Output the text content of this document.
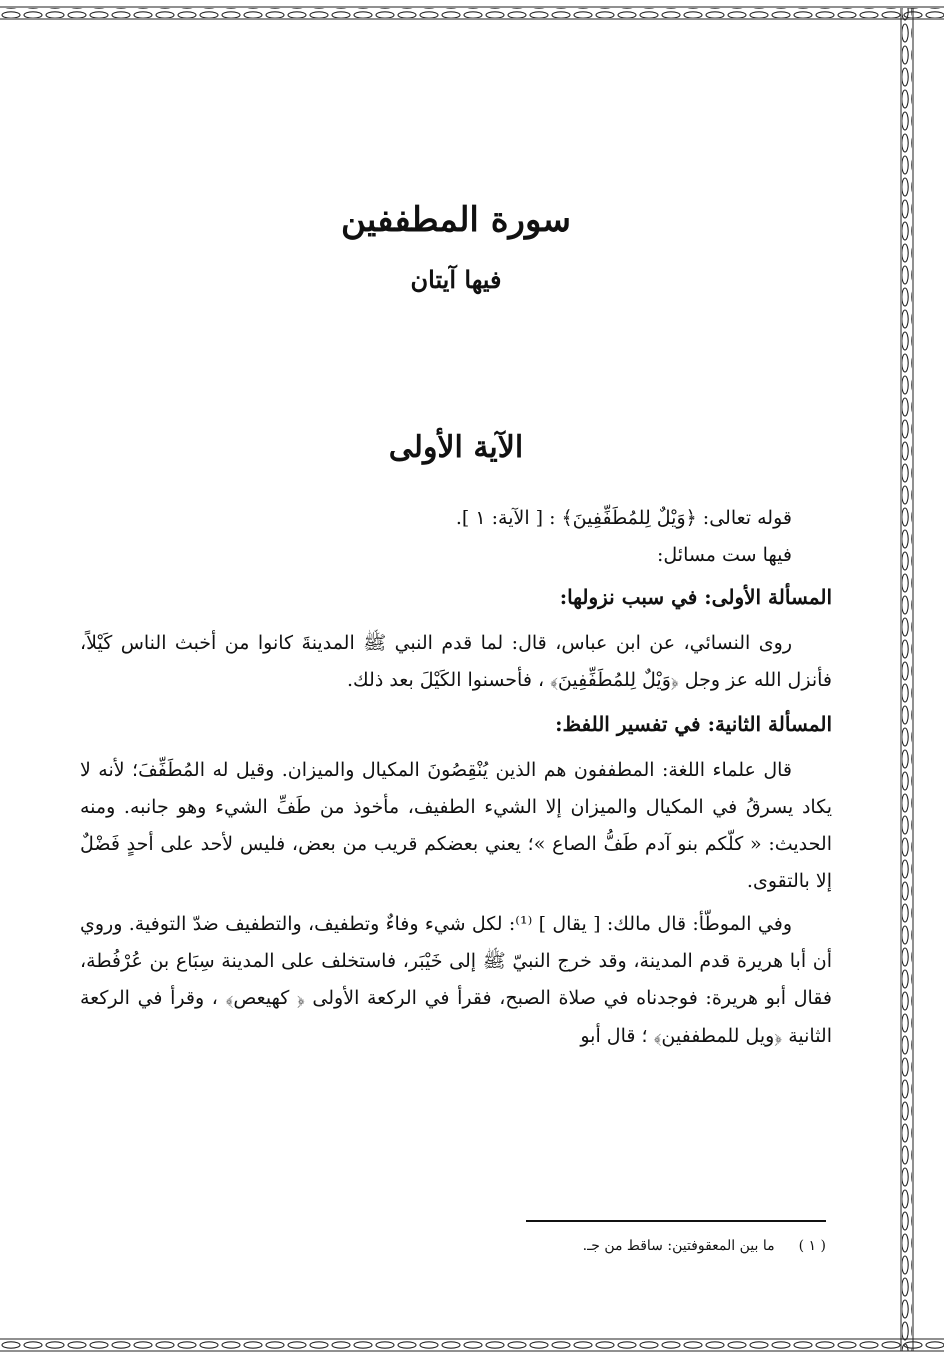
سورة المطففين
فيها آيتان
الآية الأولى

قوله تعالى: ﴿وَيْلٌ لِلمُطَفِّفِينَ﴾ : [ الآية: ١ ].

فيها ست مسائل:

المسألة الأولى: في سبب نزولها:

روى النسائي، عن ابن عباس، قال: لما قدم النبي ﷺ المدينةَ كانوا من أخبث الناس كَيْلاً، فأنزل الله عز وجل ﴿وَيْلٌ لِلمُطَفِّفِينَ﴾ ، فأحسنوا الكَيْلَ بعد ذلك.

المسألة الثانية: في تفسير اللفظ:

قال علماء اللغة: المطففون هم الذين يُنْقِصُونَ المكيال والميزان. وقيل له المُطَفِّفَ؛ لأنه لا يكاد يسرقُ في المكيال والميزان إلا الشيء الطفيف، مأخوذ من طَفِّ الشيء وهو جانبه. ومنه الحديث: « كلّكم بنو آدم طَفُّ الصاع »؛ يعني بعضكم قريب من بعض، فليس لأحد على أحدٍ فَضْلٌ إلا بالتقوى.

وفي الموطّأ: قال مالك: [ يقال ] ⁽¹⁾: لكل شيء وفاءٌ وتطفيف، والتطفيف ضدّ التوفية. وروي أن أبا هريرة قدم المدينة، وقد خرج النبيّ ﷺ إلى خَيْبَر، فاستخلف على المدينة سِبَاع بن عُرْفُطة، فقال أبو هريرة: فوجدناه في صلاة الصبح، فقرأ في الركعة الأولى ﴿ كهيعص﴾ ، وقرأ في الركعة الثانية ﴿ويل للمطففين﴾ ؛ قال أبو

( ١ )
ما بين المعقوفتين: ساقط من جـ.
